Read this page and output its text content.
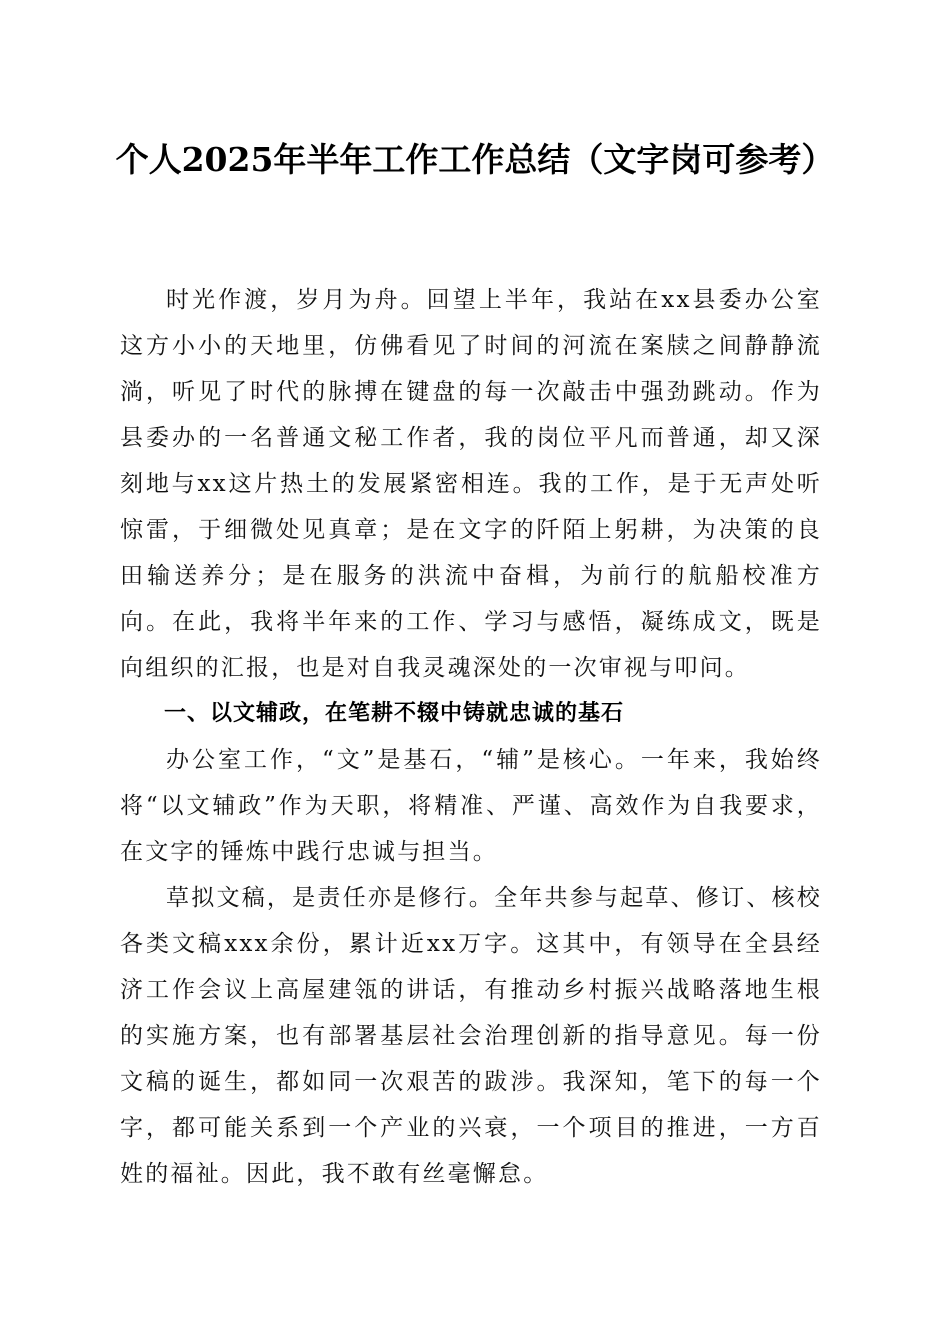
个人2025年半年工作工作总结（文字岗可参考）

时光作渡，岁月为舟。回望上半年，我站在xx县委办公室这方小小的天地里，仿佛看见了时间的河流在案牍之间静静流淌，听见了时代的脉搏在键盘的每一次敲击中强劲跳动。作为县委办的一名普通文秘工作者，我的岗位平凡而普通，却又深刻地与xx这片热土的发展紧密相连。我的工作，是于无声处听惊雷，于细微处见真章；是在文字的阡陌上躬耕，为决策的良田输送养分；是在服务的洪流中奋楫，为前行的航船校准方向。在此，我将半年来的工作、学习与感悟，凝练成文，既是向组织的汇报，也是对自我灵魂深处的一次审视与叩问。

一、以文辅政，在笔耕不辍中铸就忠诚的基石

办公室工作，“文”是基石，“辅”是核心。一年来，我始终将“以文辅政”作为天职，将精准、严谨、高效作为自我要求，在文字的锤炼中践行忠诚与担当。

草拟文稿，是责任亦是修行。全年共参与起草、修订、核校各类文稿xxx余份，累计近xx万字。这其中，有领导在全县经济工作会议上高屋建瓴的讲话，有推动乡村振兴战略落地生根的实施方案，也有部署基层社会治理创新的指导意见。每一份文稿的诞生，都如同一次艰苦的跋涉。我深知，笔下的每一个字，都可能关系到一个产业的兴衰，一个项目的推进，一方百姓的福祉。因此，我不敢有丝毫懈怠。
